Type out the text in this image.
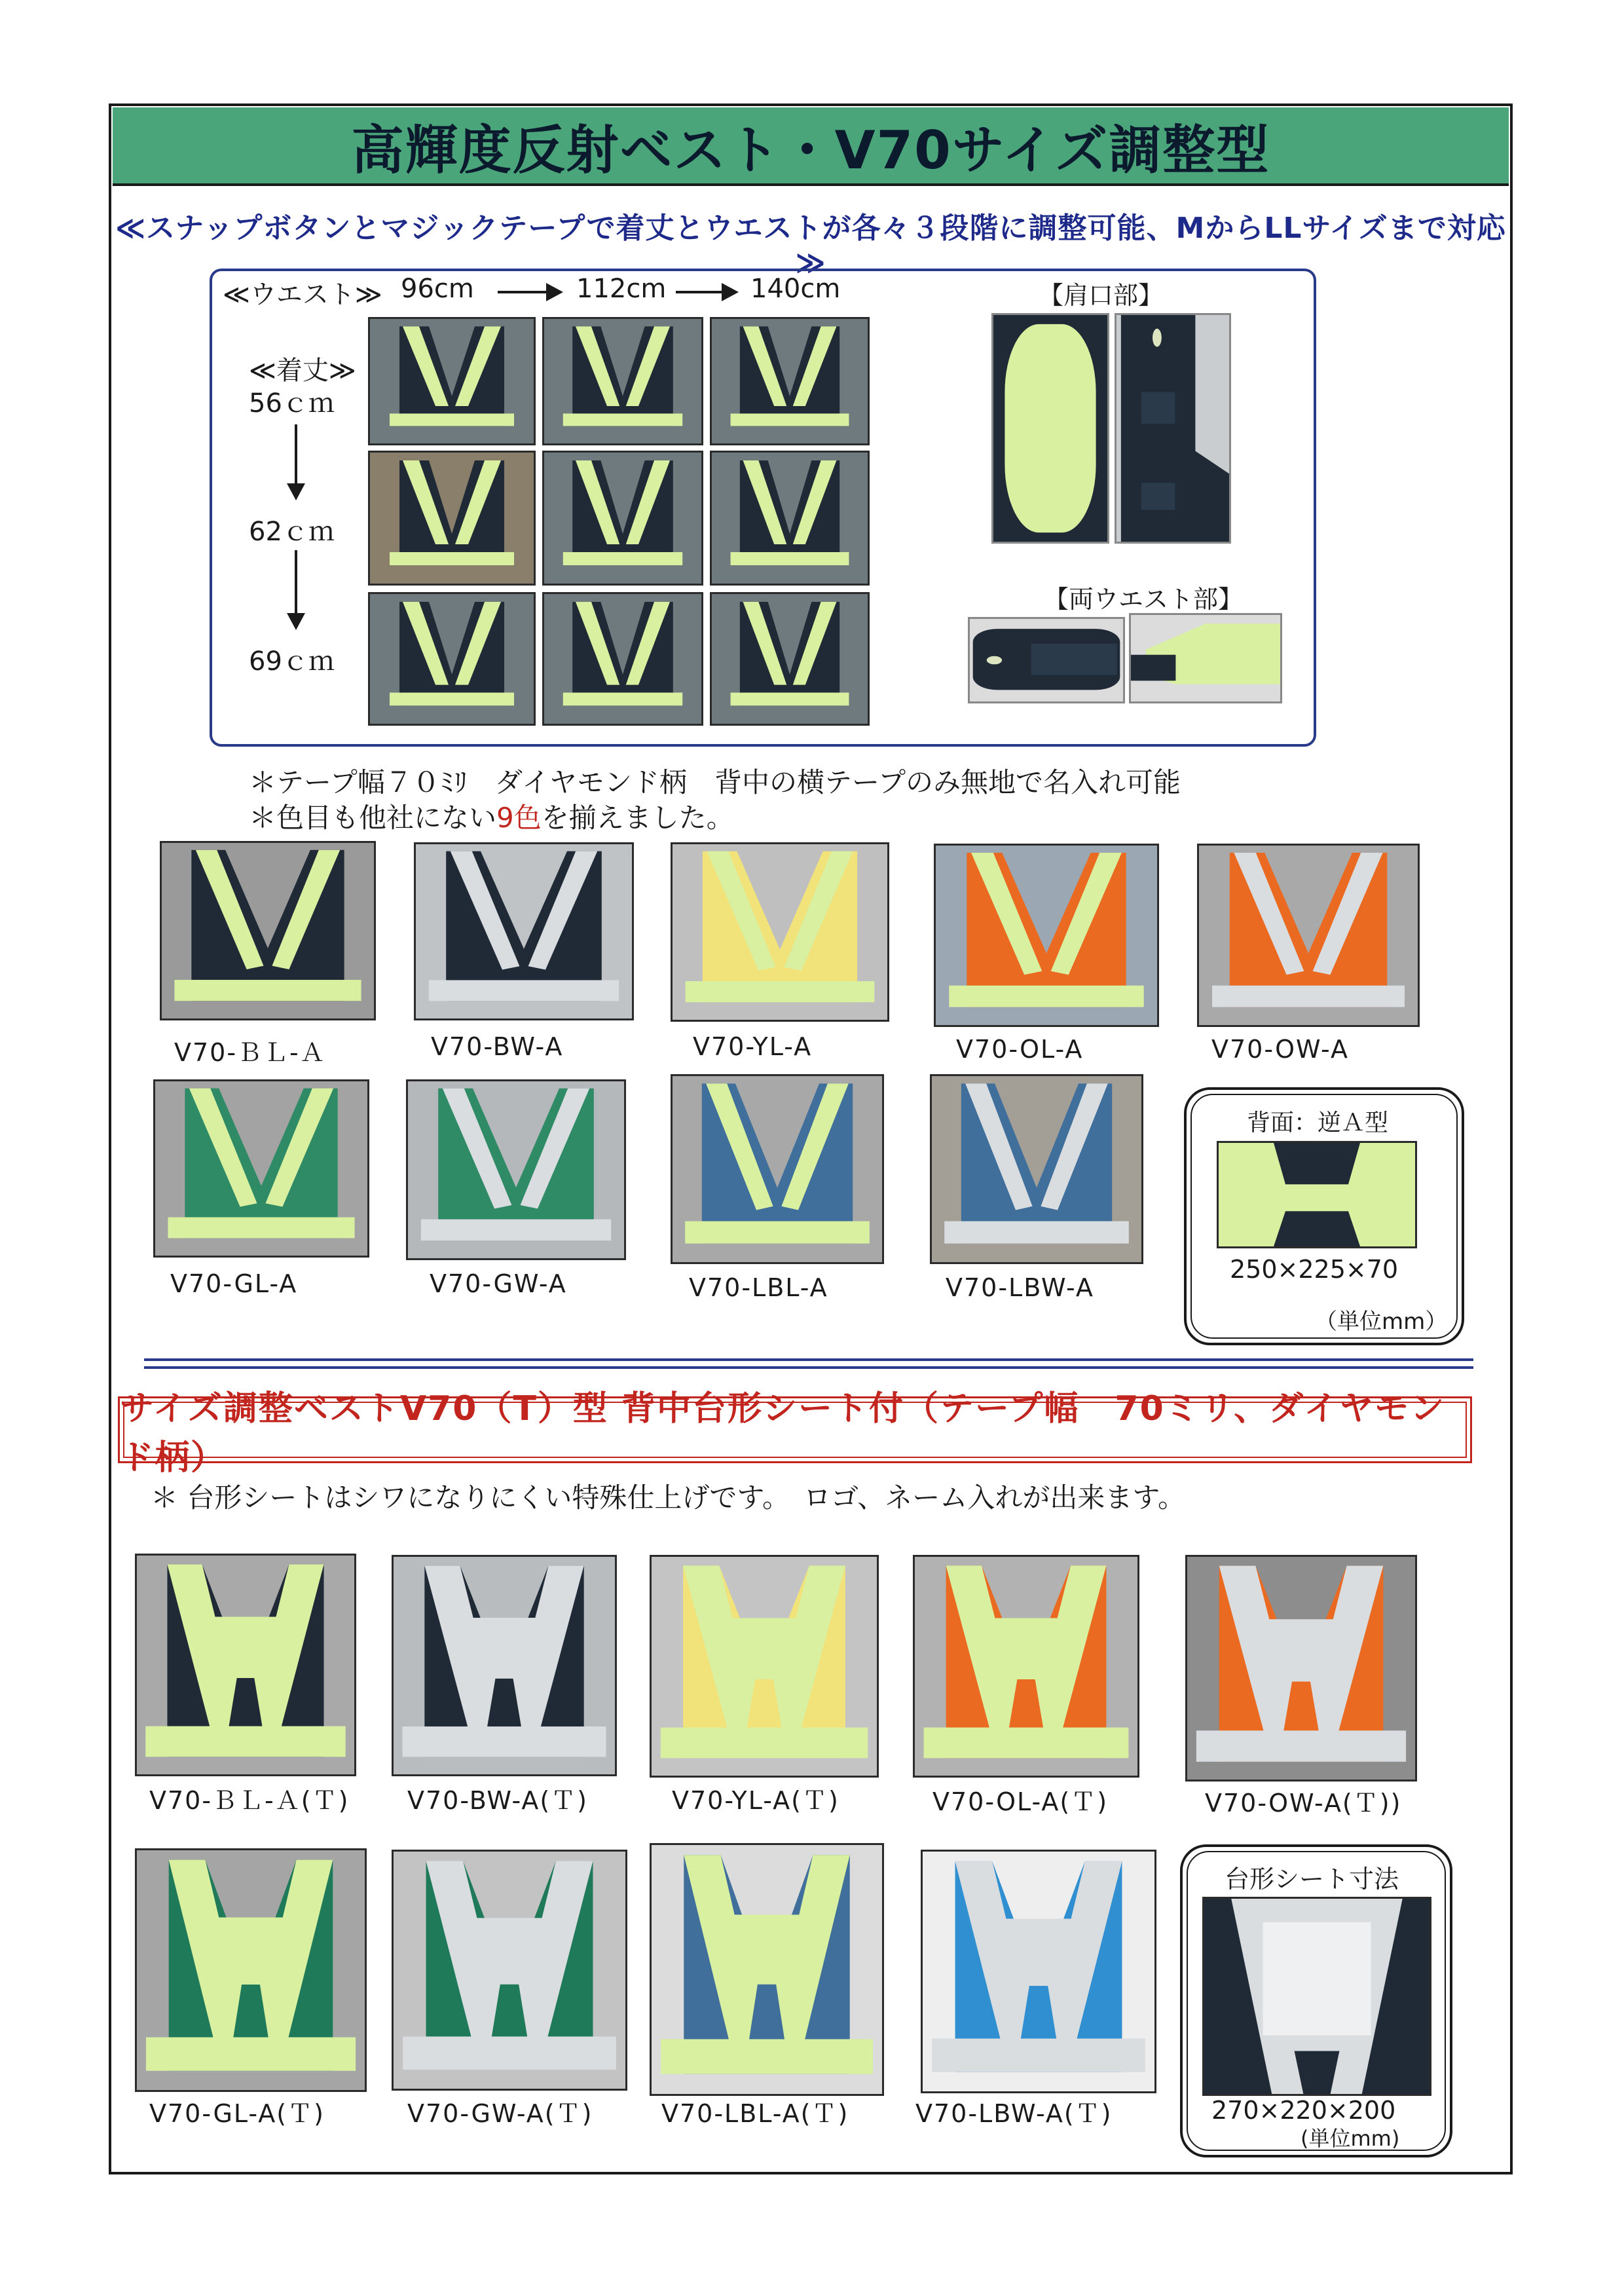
高輝度反射ベスト・V70サイズ調整型
≪スナップボタンとマジックテープで着丈とウエストが各々３段階に調整可能、MからLLサイズまで対応≫
≪ウエスト≫ 96cm	112cm	140cm
≪着丈≫
56ｃｍ
62ｃｍ
69ｃｍ
【肩口部】
【両ウエスト部】
＊テープ幅７０ﾐﾘ　ダイヤモンド柄　背中の横テープのみ無地で名入れ可能
＊色目も他社にない9色を揃えました。
V70-ＢＬ-Ａ	V70-BW-A	V70-YL-A	V70-OL-A	V70-OW-A
V70-GL-A	V70-GW-A	V70-LBL-A	V70-LBW-A
背面：逆Ａ型
250×225×70
（単位mm）
サイズ調整ベストV70（T）型 背中台形シート付（テープ幅　70ミリ、ダイヤモンド柄）
＊ 台形シートはシワになりにくい特殊仕上げです。　ロゴ、ネーム入れが出来ます。
V70-ＢＬ-Ａ(Ｔ) V70-BW-A(Ｔ)	V70-YL-A(Ｔ)	V70-OL-A(Ｔ)	V70-OW-A(Ｔ))
V70-GL-A(Ｔ)	V70-GW-A(Ｔ)	V70-LBL-A(Ｔ)	V70-LBW-A(Ｔ)
台形シート寸法
270×220×200
(単位mm)
